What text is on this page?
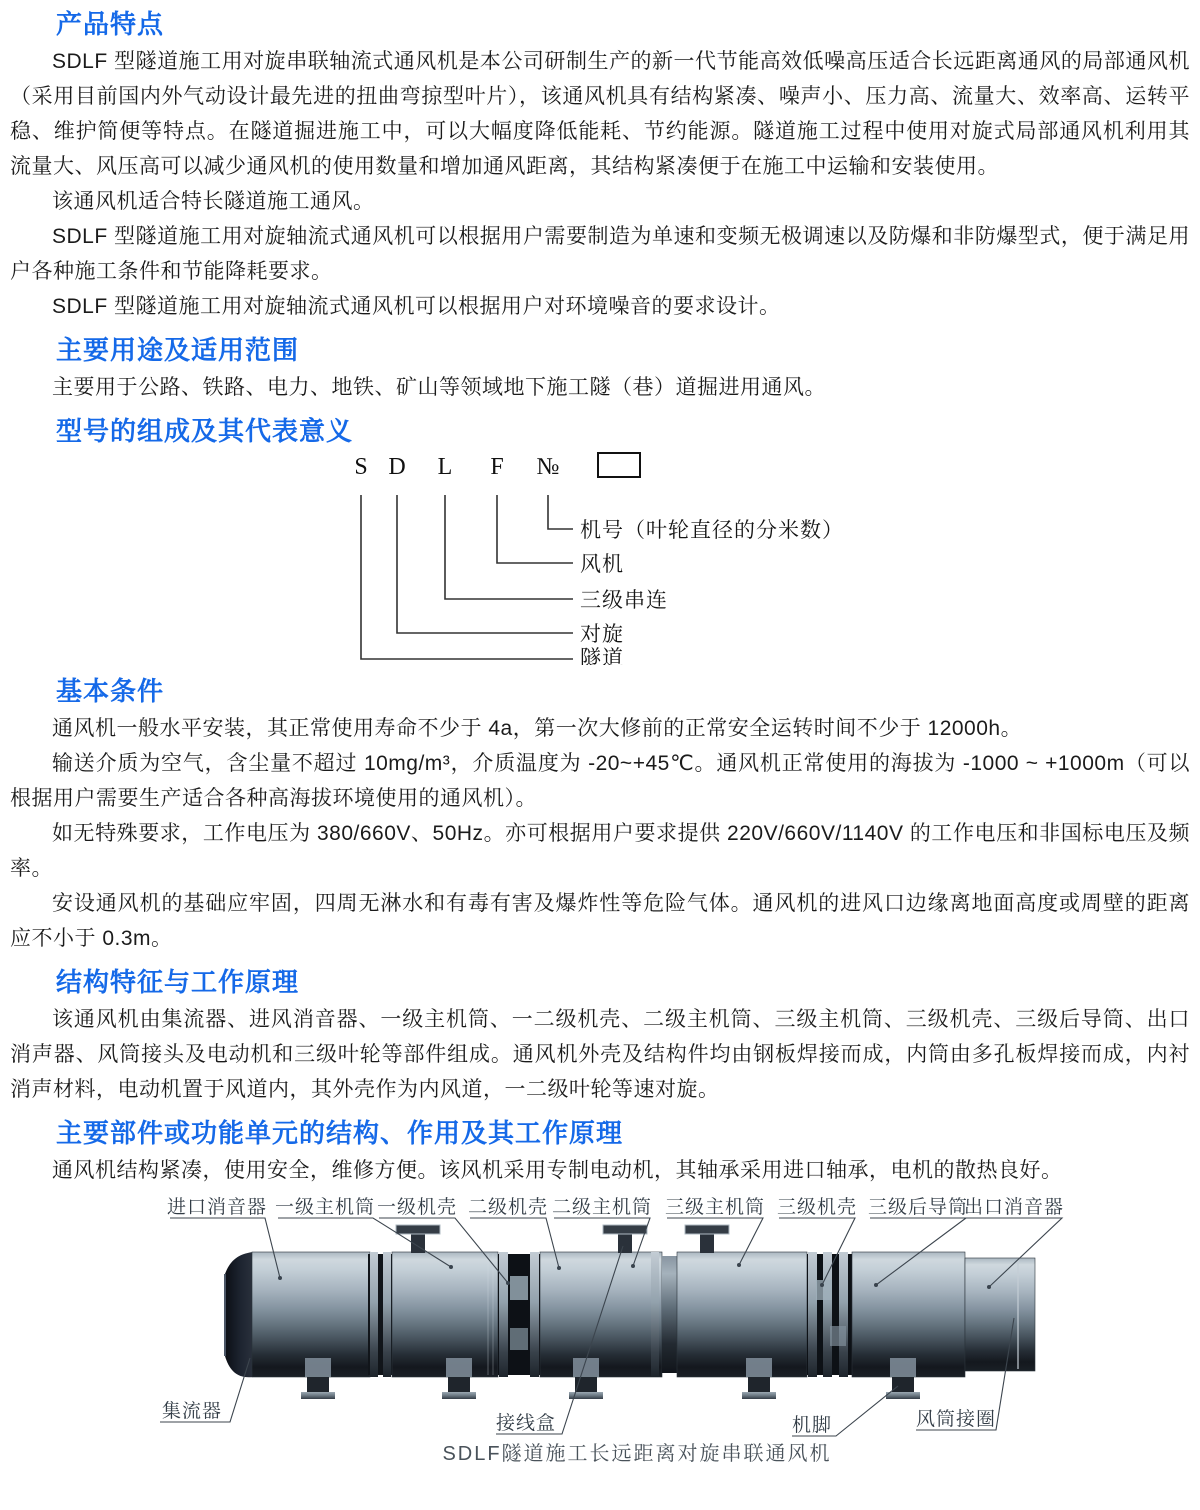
产品特点

SDLF 型隧道施工用对旋串联轴流式通风机是本公司研制生产的新一代节能高效低噪高压适合长远距离通风的局部通风机（采用目前国内外气动设计最先进的扭曲弯掠型叶片），该通风机具有结构紧凑、噪声小、压力高、流量大、效率高、运转平稳、维护简便等特点。在隧道掘进施工中，可以大幅度降低能耗、节约能源。隧道施工过程中使用对旋式局部通风机利用其流量大、风压高可以减少通风机的使用数量和增加通风距离，其结构紧凑便于在施工中运输和安装使用。

该通风机适合特长隧道施工通风。

SDLF 型隧道施工用对旋轴流式通风机可以根据用户需要制造为单速和变频无极调速以及防爆和非防爆型式，便于满足用户各种施工条件和节能降耗要求。

SDLF 型隧道施工用对旋轴流式通风机可以根据用户对环境噪音的要求设计。

主要用途及适用范围

主要用于公路、铁路、电力、地铁、矿山等领域地下施工隧（巷）道掘进用通风。

型号的组成及其代表意义
S D L F №
机号（叶轮直径的分米数）
风机
三级串连
对旋
隧道
基本条件

通风机一般水平安装，其正常使用寿命不少于 4a，第一次大修前的正常安全运转时间不少于 12000h。

输送介质为空气，含尘量不超过 10mg/m³，介质温度为 -20~+45℃。通风机正常使用的海拔为 -1000 ~ +1000m（可以根据用户需要生产适合各种高海拔环境使用的通风机）。

如无特殊要求，工作电压为 380/660V、50Hz。亦可根据用户要求提供 220V/660V/1140V 的工作电压和非国标电压及频率。

安设通风机的基础应牢固，四周无淋水和有毒有害及爆炸性等危险气体。通风机的进风口边缘离地面高度或周壁的距离应不小于 0.3m。

结构特征与工作原理

该通风机由集流器、进风消音器、一级主机筒、一二级机壳、二级主机筒、三级主机筒、三级机壳、三级后导筒、出口消声器、风筒接头及电动机和三级叶轮等部件组成。通风机外壳及结构件均由钢板焊接而成，内筒由多孔板焊接而成，内衬消声材料，电动机置于风道内，其外壳作为内风道，一二级叶轮等速对旋。

主要部件或功能单元的结构、作用及其工作原理

通风机结构紧凑，使用安全，维修方便。该风机采用专制电动机，其轴承采用进口轴承，电机的散热良好。

进口消音器 一级主机筒 一级机壳 二级机壳 二级主机筒 三级主机筒 三级机壳 三级后导筒
出口消音器
集流器
接线盒	机脚	风筒接圈
SDLF隧道施工长远距离对旋串联通风机
